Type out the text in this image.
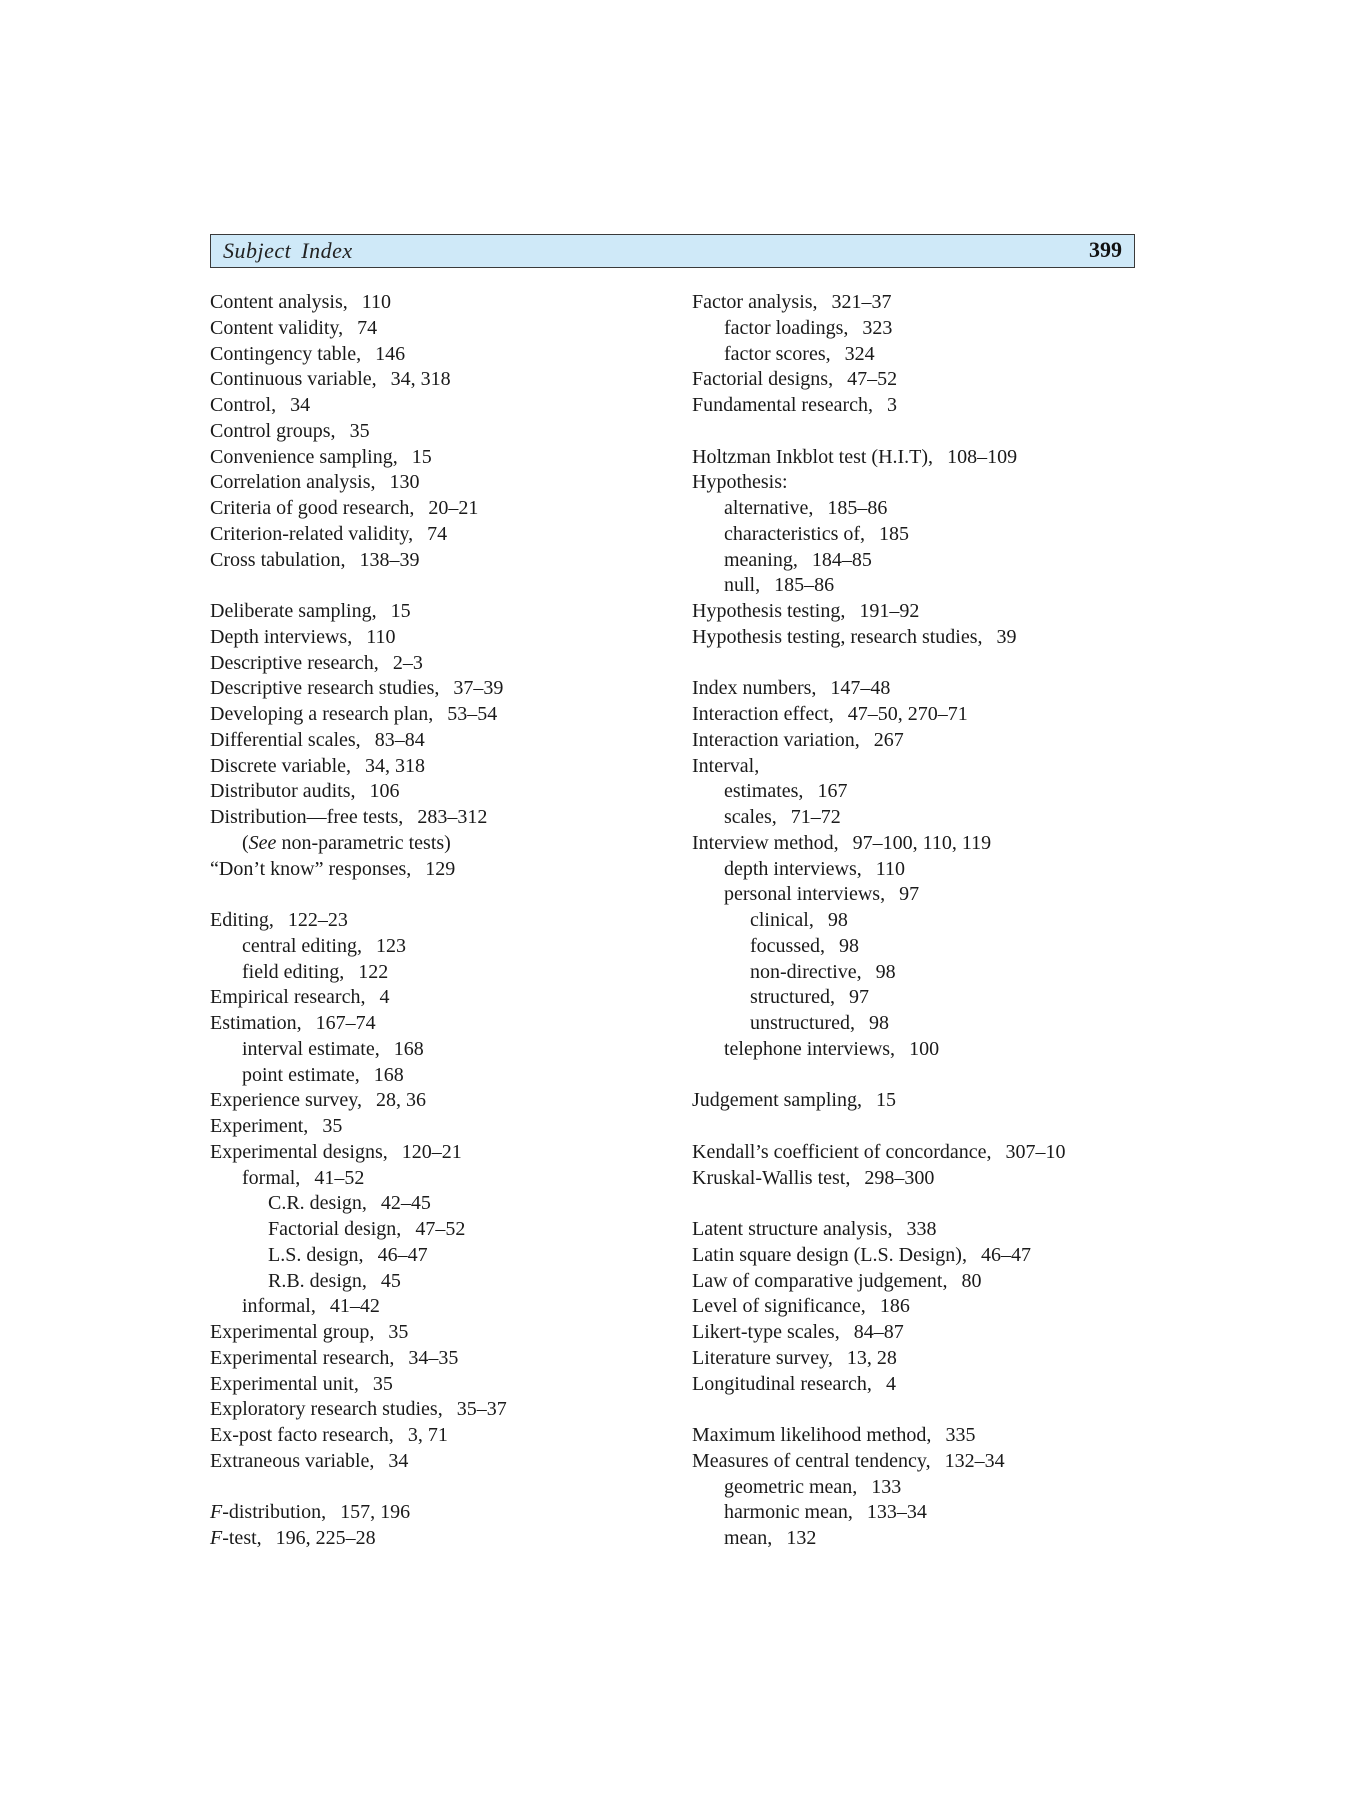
Subject Index	399
Content analysis, 110
Content validity, 74
Contingency table, 146
Continuous variable, 34, 318
Control, 34
Control groups, 35
Convenience sampling, 15
Correlation analysis, 130
Criteria of good research, 20–21
Criterion-related validity, 74
Cross tabulation, 138–39
Deliberate sampling, 15
Depth interviews, 110
Descriptive research, 2–3
Descriptive research studies, 37–39
Developing a research plan, 53–54
Differential scales, 83–84
Discrete variable, 34, 318
Distributor audits, 106
Distribution—free tests, 283–312
(See non-parametric tests)
“Don’t know” responses, 129
Editing, 122–23
central editing, 123
field editing, 122
Empirical research, 4
Estimation, 167–74
interval estimate, 168
point estimate, 168
Experience survey, 28, 36
Experiment, 35
Experimental designs, 120–21
formal, 41–52
C.R. design, 42–45
Factorial design, 47–52
L.S. design, 46–47
R.B. design, 45
informal, 41–42
Experimental group, 35
Experimental research, 34–35
Experimental unit, 35
Exploratory research studies, 35–37
Ex-post facto research, 3, 71
Extraneous variable, 34
F-distribution, 157, 196
F-test, 196, 225–28
Factor analysis, 321–37
factor loadings, 323
factor scores, 324
Factorial designs, 47–52
Fundamental research, 3
Holtzman Inkblot test (H.I.T), 108–109
Hypothesis:
alternative, 185–86
characteristics of, 185
meaning, 184–85
null, 185–86
Hypothesis testing, 191–92
Hypothesis testing, research studies, 39
Index numbers, 147–48
Interaction effect, 47–50, 270–71
Interaction variation, 267
Interval,
estimates, 167
scales, 71–72
Interview method, 97–100, 110, 119
depth interviews, 110
personal interviews, 97
clinical, 98
focussed, 98
non-directive, 98
structured, 97
unstructured, 98
telephone interviews, 100
Judgement sampling, 15
Kendall’s coefficient of concordance, 307–10
Kruskal-Wallis test, 298–300
Latent structure analysis, 338
Latin square design (L.S. Design), 46–47
Law of comparative judgement, 80
Level of significance, 186
Likert-type scales, 84–87
Literature survey, 13, 28
Longitudinal research, 4
Maximum likelihood method, 335
Measures of central tendency, 132–34
geometric mean, 133
harmonic mean, 133–34
mean, 132
